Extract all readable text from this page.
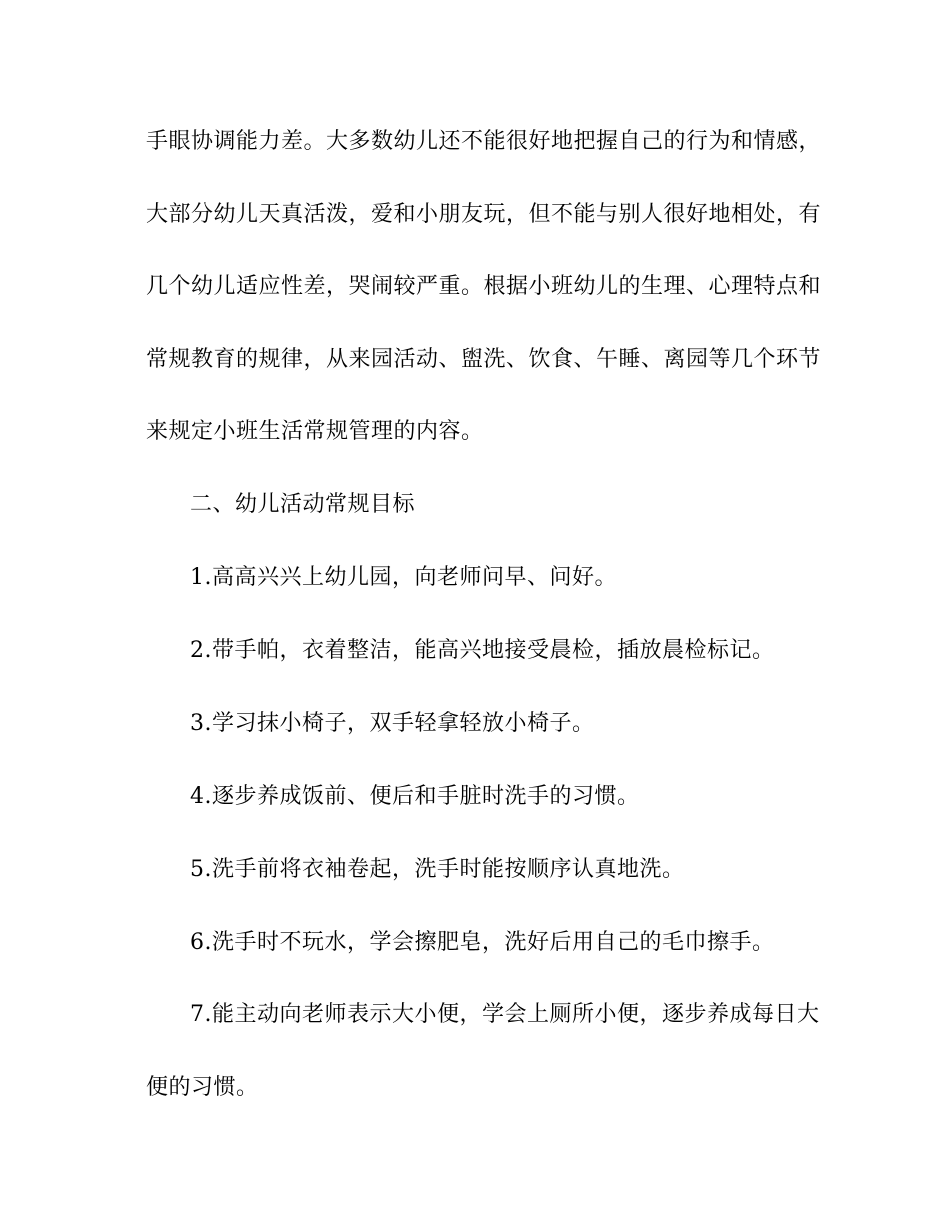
手眼协调能力差。大多数幼儿还不能很好地把握自己的行为和情感，
大部分幼儿天真活泼，爱和小朋友玩，但不能与别人很好地相处，有
几个幼儿适应性差，哭闹较严重。根据小班幼儿的生理、心理特点和
常规教育的规律，从来园活动、盥洗、饮食、午睡、离园等几个环节
来规定小班生活常规管理的内容。
二、幼儿活动常规目标
1.高高兴兴上幼儿园，向老师问早、问好。
2.带手帕，衣着整洁，能高兴地接受晨检，插放晨检标记。
3.学习抹小椅子，双手轻拿轻放小椅子。
4.逐步养成饭前、便后和手脏时洗手的习惯。
5.洗手前将衣袖卷起，洗手时能按顺序认真地洗。
6.洗手时不玩水，学会擦肥皂，洗好后用自己的毛巾擦手。
7.能主动向老师表示大小便，学会上厕所小便，逐步养成每日大
便的习惯。
